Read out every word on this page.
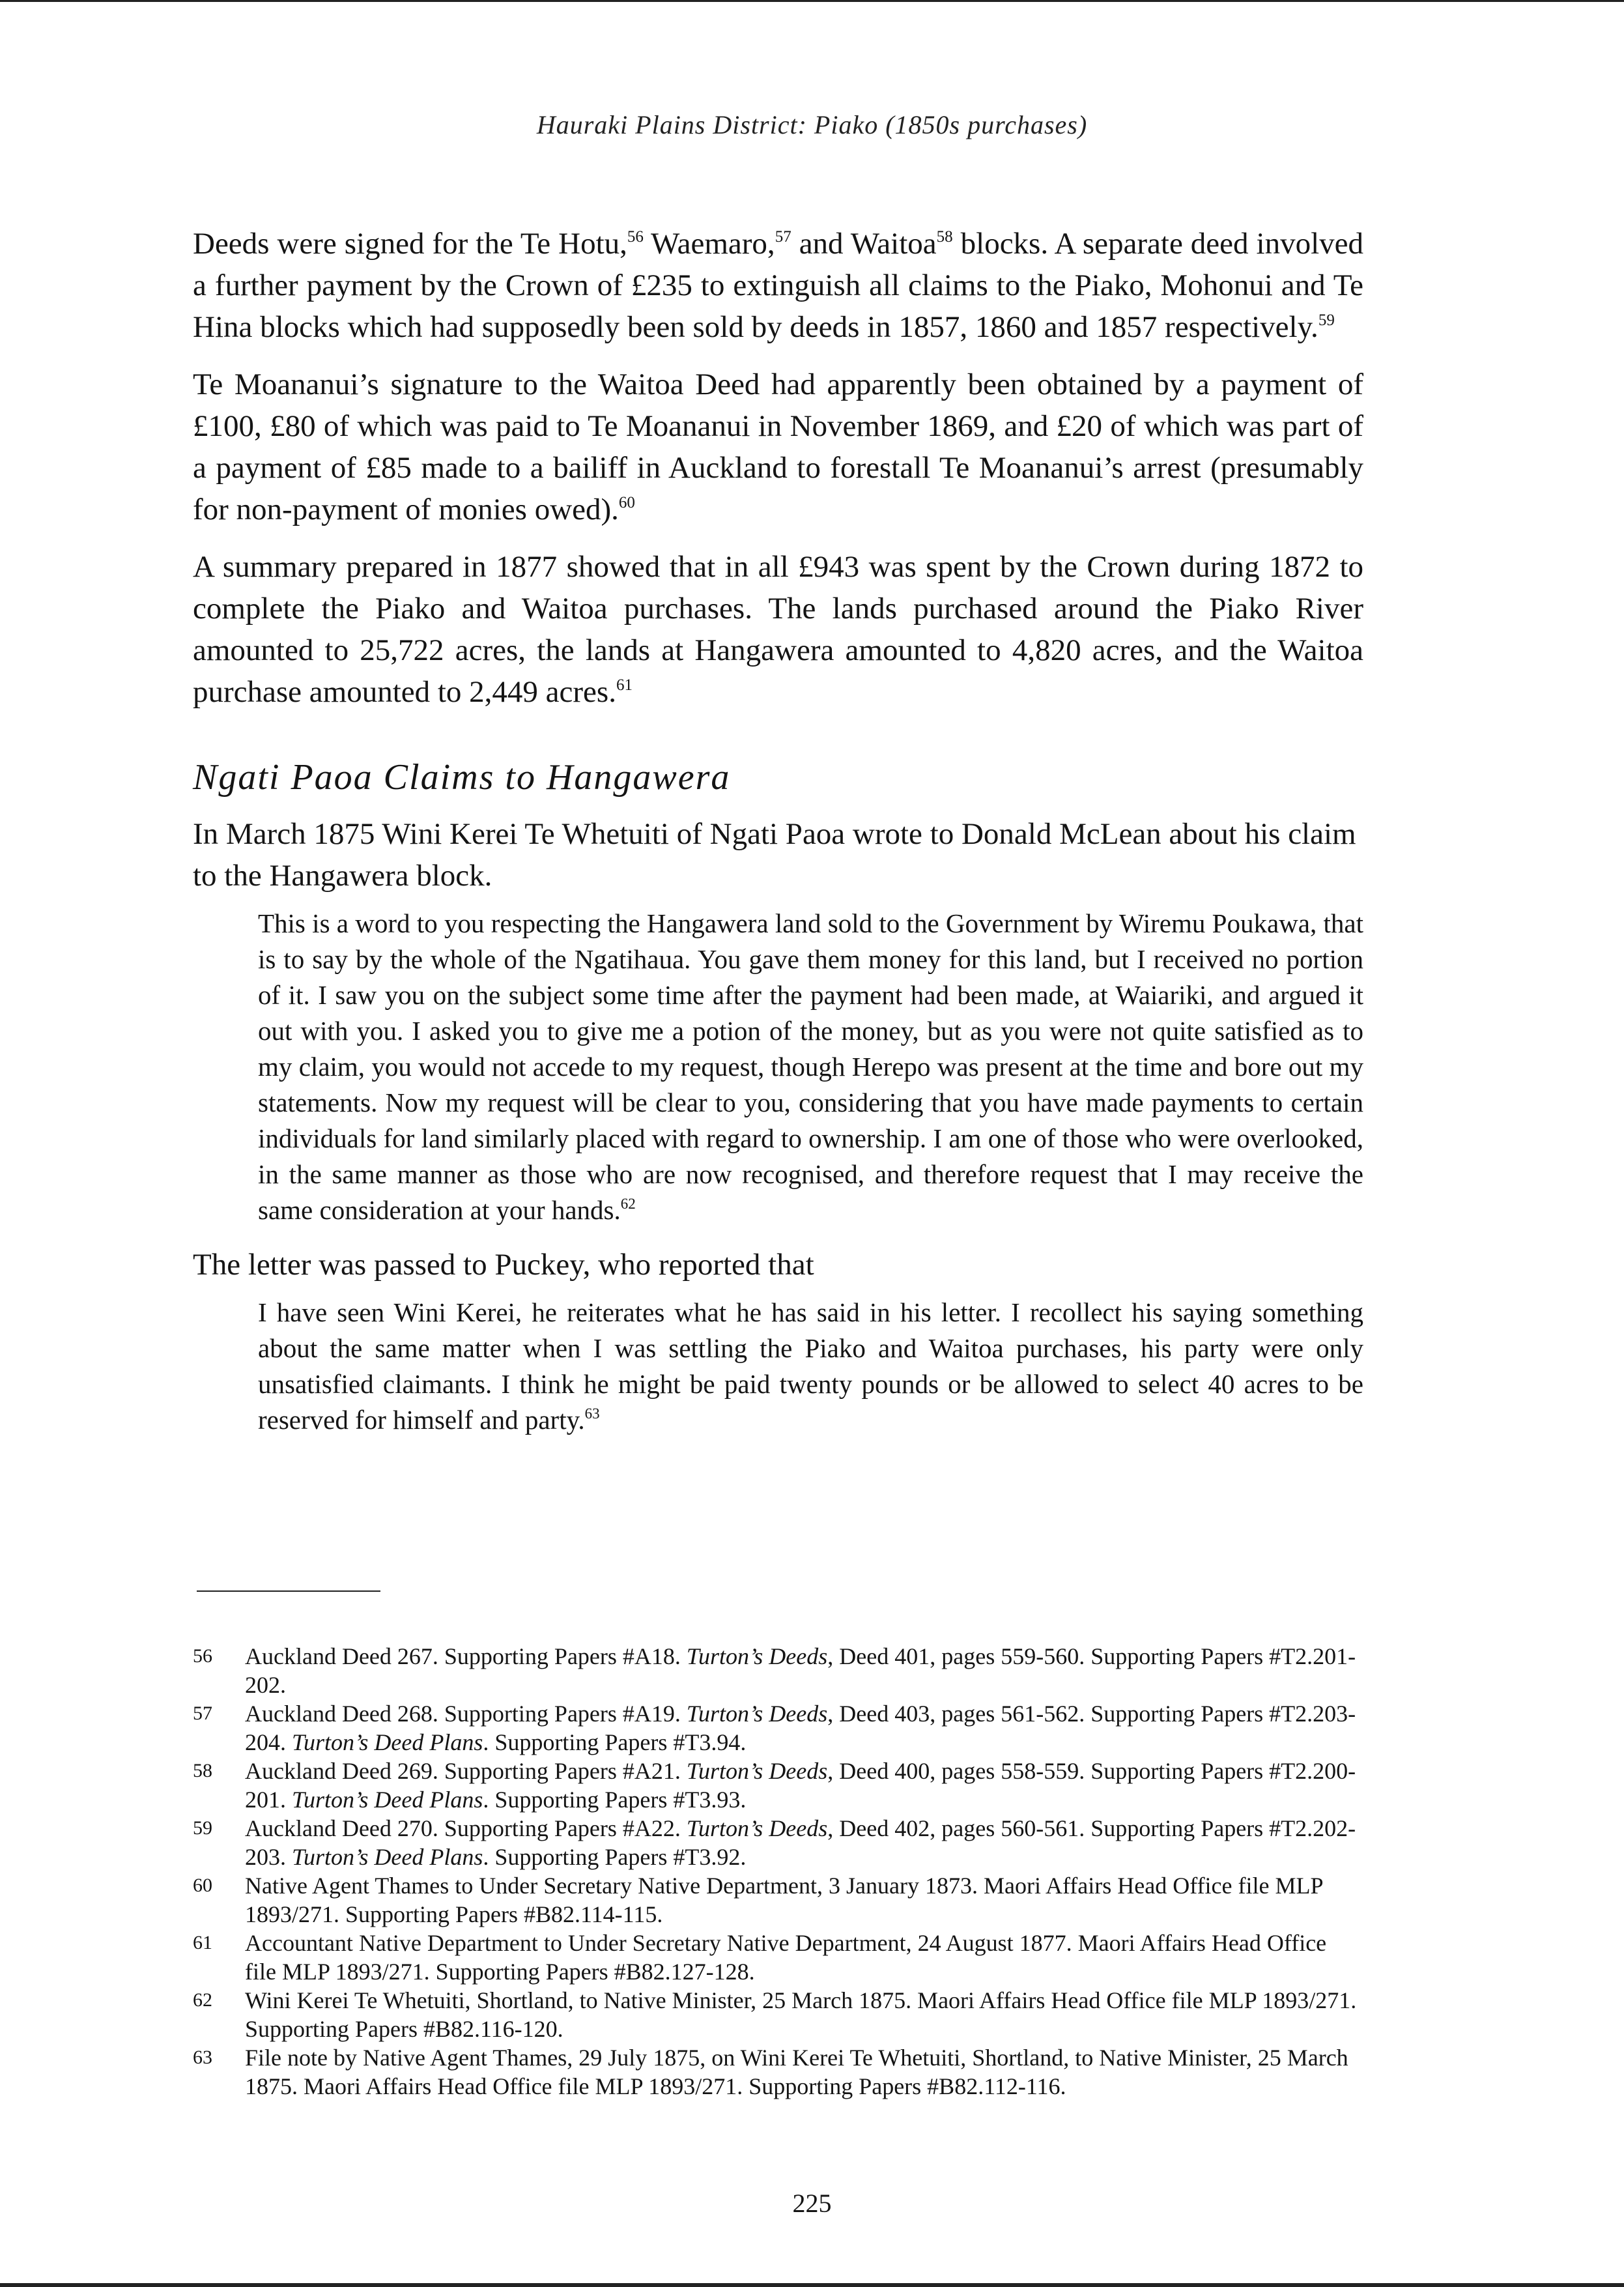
Hauraki Plains District: Piako (1850s purchases)

Deeds were signed for the Te Hotu,$^{56}$ Waemaro,$^{57}$ and Waitoa$^{58}$ blocks. A separate deed involved a further payment by the Crown of £235 to extinguish all claims to the Piako, Mohonui and Te Hina blocks which had supposedly been sold by deeds in 1857, 1860 and 1857 respectively.$^{59}$

Te Moananui’s signature to the Waitoa Deed had apparently been obtained by a payment of £100, £80 of which was paid to Te Moananui in November 1869, and £20 of which was part of a payment of £85 made to a bailiff in Auckland to forestall Te Moananui’s arrest (presumably for non-payment of monies owed).$^{60}$

A summary prepared in 1877 showed that in all £943 was spent by the Crown during 1872 to complete the Piako and Waitoa purchases. The lands purchased around the Piako River amounted to 25,722 acres, the lands at Hangawera amounted to 4,820 acres, and the Waitoa purchase amounted to 2,449 acres.$^{61}$

Ngati Paoa Claims to Hangawera

In March 1875 Wini Kerei Te Whetuiti of Ngati Paoa wrote to Donald McLean about his claim to the Hangawera block.

This is a word to you respecting the Hangawera land sold to the Government by Wiremu Poukawa, that is to say by the whole of the Ngatihaua. You gave them money for this land, but I received no portion of it. I saw you on the subject some time after the payment had been made, at Waiariki, and argued it out with you. I asked you to give me a potion of the money, but as you were not quite satisfied as to my claim, you would not accede to my request, though Herepo was present at the time and bore out my statements. Now my request will be clear to you, considering that you have made payments to certain individuals for land similarly placed with regard to ownership. I am one of those who were overlooked, in the same manner as those who are now recognised, and therefore request that I may receive the same consideration at your hands.$^{62}$

The letter was passed to Puckey, who reported that

I have seen Wini Kerei, he reiterates what he has said in his letter. I recollect his saying something about the same matter when I was settling the Piako and Waitoa purchases, his party were only unsatisfied claimants. I think he might be paid twenty pounds or be allowed to select 40 acres to be reserved for himself and party.$^{63}$

56	Auckland Deed 267. Supporting Papers #A18. Turton’s Deeds, Deed 401, pages 559-560. Supporting Papers #T2.201-202.
57	Auckland Deed 268. Supporting Papers #A19. Turton’s Deeds, Deed 403, pages 561-562. Supporting Papers #T2.203-204. Turton’s Deed Plans. Supporting Papers #T3.94.
58	Auckland Deed 269. Supporting Papers #A21. Turton’s Deeds, Deed 400, pages 558-559. Supporting Papers #T2.200-201. Turton’s Deed Plans. Supporting Papers #T3.93.
59	Auckland Deed 270. Supporting Papers #A22. Turton’s Deeds, Deed 402, pages 560-561. Supporting Papers #T2.202-203. Turton’s Deed Plans. Supporting Papers #T3.92.
60	Native Agent Thames to Under Secretary Native Department, 3 January 1873. Maori Affairs Head Office file MLP 1893/271. Supporting Papers #B82.114-115.
61	Accountant Native Department to Under Secretary Native Department, 24 August 1877. Maori Affairs Head Office file MLP 1893/271. Supporting Papers #B82.127-128.
62	Wini Kerei Te Whetuiti, Shortland, to Native Minister, 25 March 1875. Maori Affairs Head Office file MLP 1893/271. Supporting Papers #B82.116-120.
63	File note by Native Agent Thames, 29 July 1875, on Wini Kerei Te Whetuiti, Shortland, to Native Minister, 25 March 1875. Maori Affairs Head Office file MLP 1893/271. Supporting Papers #B82.112-116.
225
